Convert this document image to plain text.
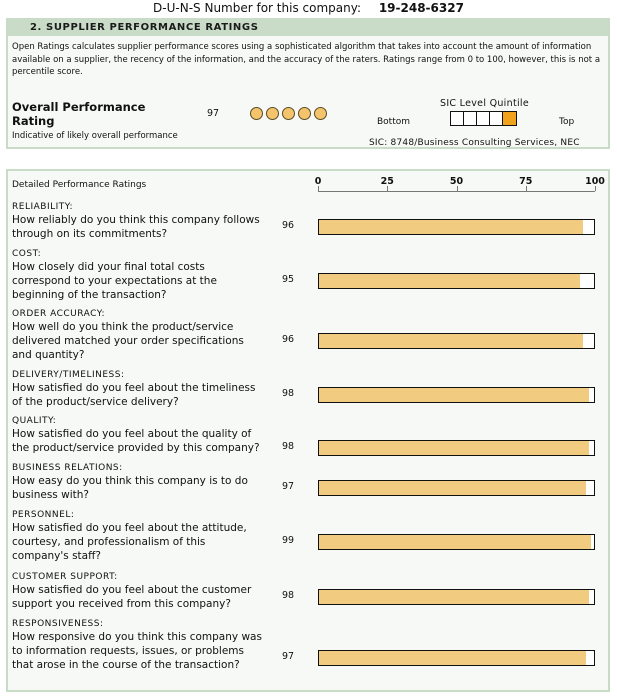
D-U-N-S Number for this company: 19-248-6327
2. SUPPLIER PERFORMANCE RATINGS
Open Ratings calculates supplier performance scores using a sophisticated algorithm that takes into account the amount of information available on a supplier, the recency of the information, and the accuracy of the raters. Ratings range from 0 to 100, however, this is not a percentile score.
Overall Performance
Rating
Indicative of likely overall performance
97
SIC Level Quintile
Bottom	Top
SIC: 8748/Business Consulting Services, NEC
Detailed Performance Ratings	0	25	50	75	100
RELIABILITY:
How reliably do you think this company follows through on its commitments?
96
COST:
How closely did your final total costs correspond to your expectations at the beginning of the transaction?
95
ORDER ACCURACY:
How well do you think the product/service delivered matched your order specifications and quantity?
96
DELIVERY/TIMELINESS:
How satisfied do you feel about the timeliness of the product/service delivery?
98
QUALITY:
How satisfied do you feel about the quality of the product/service provided by this company? 98
BUSINESS RELATIONS:
How easy do you think this company is to do business with?
97
PERSONNEL:
How satisfied do you feel about the attitude, courtesy, and professionalism of this company's staff?
99
CUSTOMER SUPPORT:
How satisfied do you feel about the customer support you received from this company?
98
RESPONSIVENESS:
How responsive do you think this company was to information requests, issues, or problems that arose in the course of the transaction?
97
